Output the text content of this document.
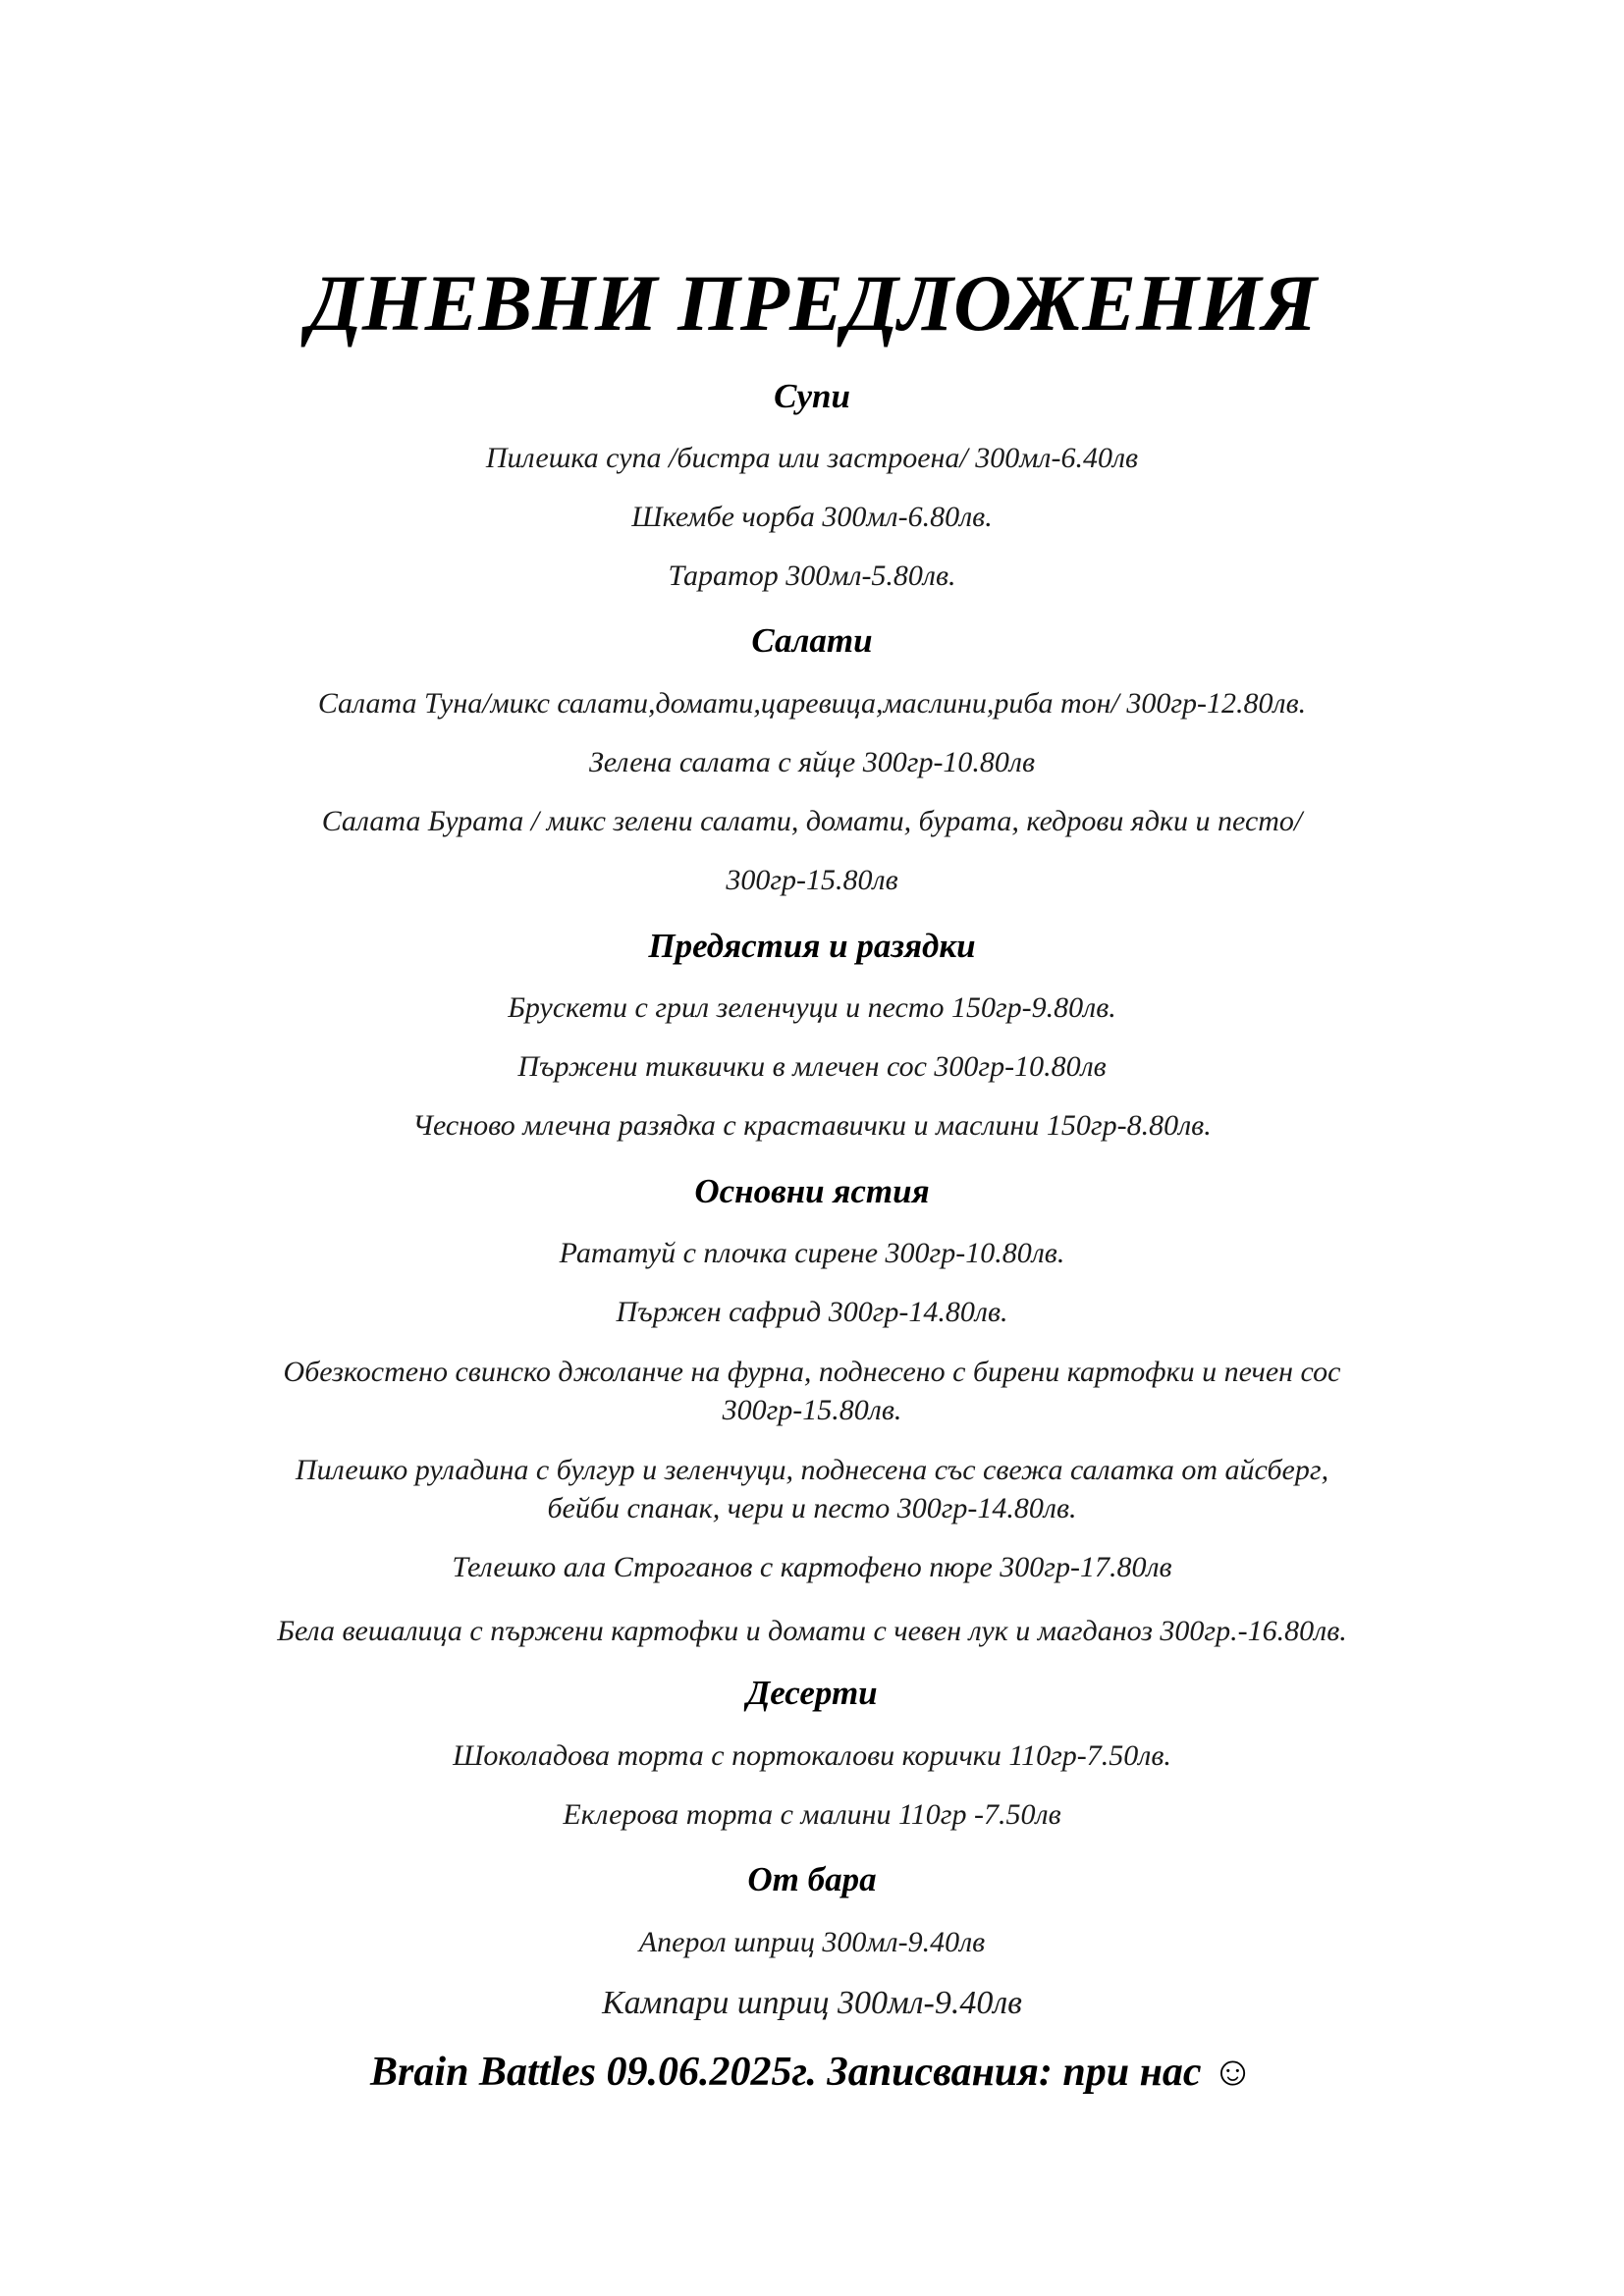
ДНЕВНИ ПРЕДЛОЖЕНИЯ
Супи
Пилешка супа /бистра или застроена/ 300мл-6.40лв
Шкембе чорба 300мл-6.80лв.
Таратор 300мл-5.80лв.
Салати
Салата Туна/микс салати,домати,царевица,маслини,риба тон/ 300гр-12.80лв.
Зелена салата с яйце 300гр-10.80лв
Салата Бурата / микс зелени салати, домати, бурата, кедрови ядки и песто/
300гр-15.80лв
Предястия и разядки
Брускети с грил зеленчуци и песто 150гр-9.80лв.
Пържени тиквички в млечен сос 300гр-10.80лв
Чесново млечна разядка с краставички и маслини 150гр-8.80лв.
Основни ястия
Рататуй с плочка сирене 300гр-10.80лв.
Пържен сафрид 300гр-14.80лв.
Обезкостено свинско джоланче на фурна, поднесено с бирени картофки и печен сос
300гр-15.80лв.
Пилешко руладина с булгур и зеленчуци, поднесена със свежа салатка от айсберг,
бейби спанак, чери и песто 300гр-14.80лв.
Телешко ала Строганов с картофено пюре 300гр-17.80лв
Бела вешалица с пържени картофки и домати с чевен лук и магданоз 300гр.-16.80лв.
Десерти
Шоколадова торта с портокалови корички 110гр-7.50лв.
Еклерова торта с малини 110гр -7.50лв
От бара
Аперол шприц 300мл-9.40лв
Кампари шприц 300мл-9.40лв
Brain Battles 09.06.2025г. Записвания: при нас ☺
